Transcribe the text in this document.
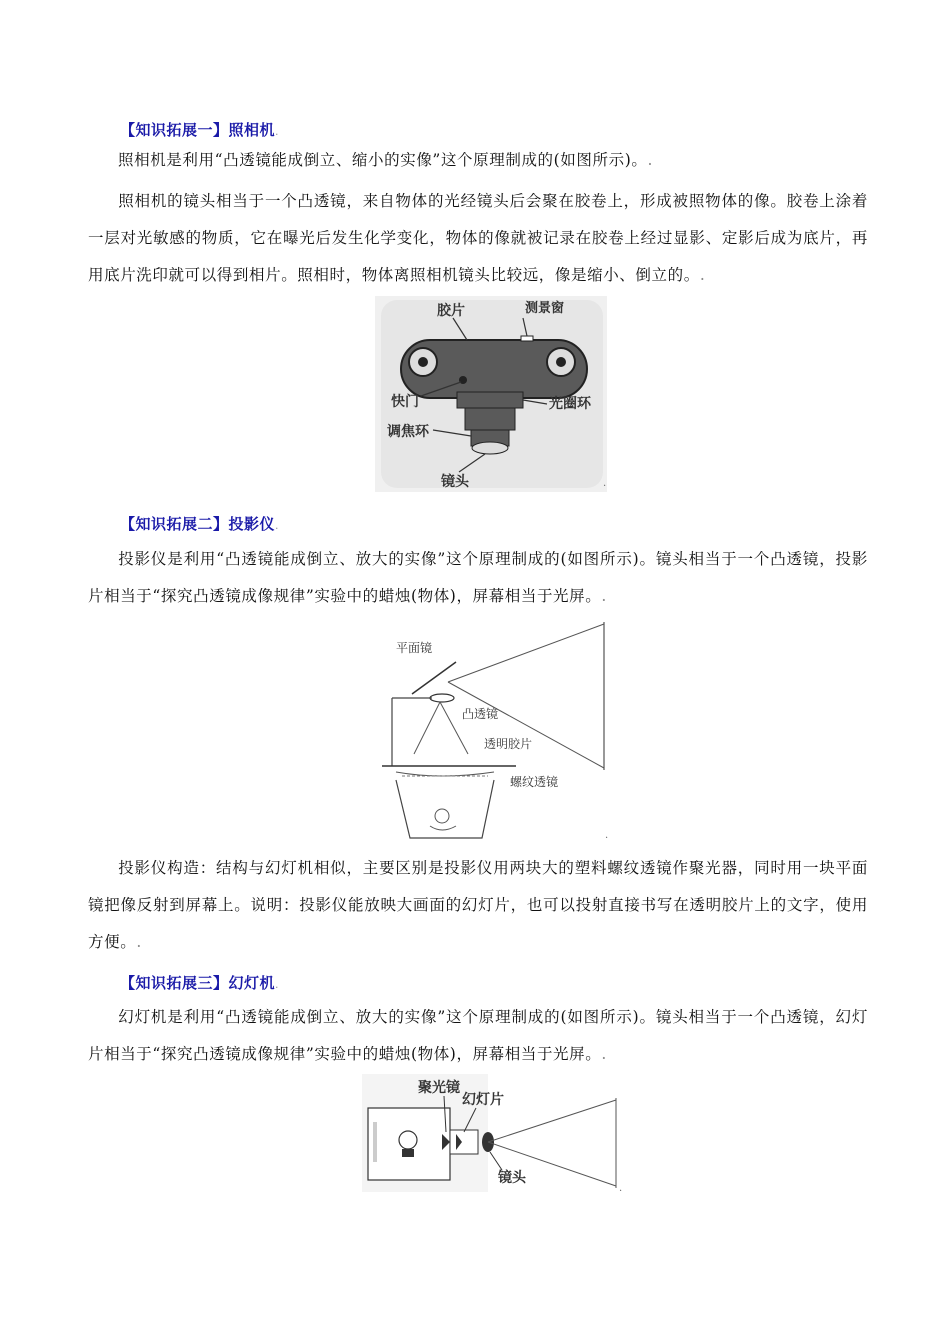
【知识拓展一】照相机.

照相机是利用“凸透镜能成倒立、缩小的实像”这个原理制成的(如图所示)。.

照相机的镜头相当于一个凸透镜，来自物体的光经镜头后会聚在胶卷上，形成被照物体的像。胶卷上涂着一层对光敏感的物质，它在曝光后发生化学变化，物体的像就被记录在胶卷上经过显影、定影后成为底片，再用底片洗印就可以得到相片。照相时，物体离照相机镜头比较远，像是缩小、倒立的。.

胶片	测景窗
快门	光圈环
调焦环
镜头	.
【知识拓展二】投影仪.

投影仪是利用“凸透镜能成倒立、放大的实像”这个原理制成的(如图所示)。镜头相当于一个凸透镜，投影片相当于“探究凸透镜成像规律”实验中的蜡烛(物体)，屏幕相当于光屏。.

平面镜
凸透镜
透明胶片
螺纹透镜
.

投影仪构造：结构与幻灯机相似，主要区别是投影仪用两块大的塑料螺纹透镜作聚光器，同时用一块平面镜把像反射到屏幕上。说明：投影仪能放映大画面的幻灯片，也可以投射直接书写在透明胶片上的文字，使用方便。.

【知识拓展三】幻灯机.

幻灯机是利用“凸透镜能成倒立、放大的实像”这个原理制成的(如图所示)。镜头相当于一个凸透镜，幻灯片相当于“探究凸透镜成像规律”实验中的蜡烛(物体)，屏幕相当于光屏。.

聚光镜
幻灯片
镜头
.
